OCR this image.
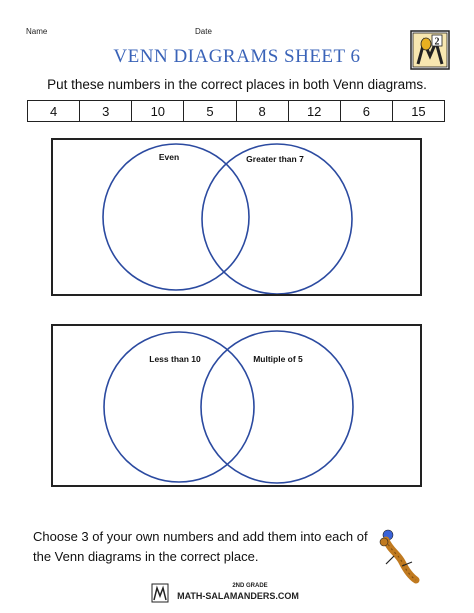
Name	Date
2
VENN DIAGRAMS SHEET 6
Put these numbers in the correct places in both Venn diagrams.
4	3	10	5	8	12	6	15
Even	Greater than 7
Less than 10	Multiple of 5
Choose 3 of your own numbers and add them into each of the Venn diagrams in the correct place.
2ND GRADE
MATH-SALAMANDERS.COM
